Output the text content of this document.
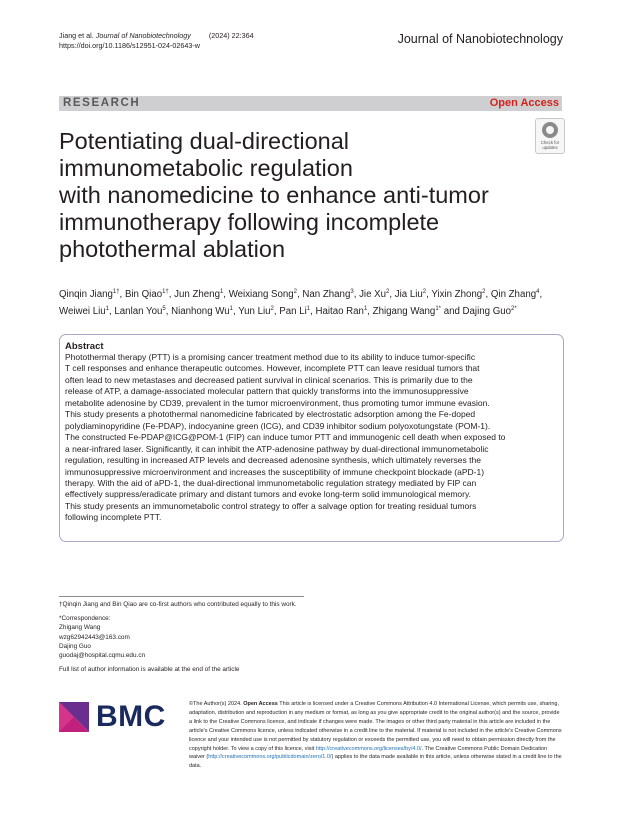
Jiang et al. Journal of Nanobiotechnology         (2024) 22:364
https://doi.org/10.1186/s12951-024-02643-w	Journal of Nanobiotechnology
RESEARCH	Open Access
Check for updates
Potentiating dual-directional
immunometabolic regulation
with nanomedicine to enhance anti-tumor
immunotherapy following incomplete
photothermal ablation
Qinqin Jiang$^{1\dagger}$, Bin Qiao$^{1\dagger}$, Jun Zheng$^1$, Weixiang Song$^2$, Nan Zhang$^3$, Jie Xu$^2$, Jia Liu$^2$, Yixin Zhong$^2$, Qin Zhang$^4$,
Weiwei Liu$^1$, Lanlan You$^5$, Nianhong Wu$^1$, Yun Liu$^2$, Pan Li$^1$, Haitao Ran$^1$, Zhigang Wang$^{1*}$ and Dajing Guo$^{2*}$
Abstract

Photothermal therapy (PTT) is a promising cancer treatment method due to its ability to induce tumor-specific

T cell responses and enhance therapeutic outcomes. However, incomplete PTT can leave residual tumors that

often lead to new metastases and decreased patient survival in clinical scenarios. This is primarily due to the

release of ATP, a damage-associated molecular pattern that quickly transforms into the immunosuppressive

metabolite adenosine by CD39, prevalent in the tumor microenvironment, thus promoting tumor immune evasion.

This study presents a photothermal nanomedicine fabricated by electrostatic adsorption among the Fe-doped

polydiaminopyridine (Fe-PDAP), indocyanine green (ICG), and CD39 inhibitor sodium polyoxotungstate (POM-1).

The constructed Fe-PDAP@ICG@POM-1 (FIP) can induce tumor PTT and immunogenic cell death when exposed to

a near-infrared laser. Significantly, it can inhibit the ATP-adenosine pathway by dual-directional immunometabolic

regulation, resulting in increased ATP levels and decreased adenosine synthesis, which ultimately reverses the

immunosuppressive microenvironment and increases the susceptibility of immune checkpoint blockade (aPD-1)

therapy. With the aid of aPD-1, the dual-directional immunometabolic regulation strategy mediated by FIP can

effectively suppress/eradicate primary and distant tumors and evoke long-term solid immunological memory.

This study presents an immunometabolic control strategy to offer a salvage option for treating residual tumors

following incomplete PTT.

†Qinqin Jiang and Bin Qiao are co-first authors who contributed equally to this work.

*Correspondence:

Zhigang Wang

wzg62942443@163.com

Dajing Guo

guodaj@hospital.cqmu.edu.cn

Full list of author information is available at the end of the article

BMC	©The Author(s) 2024. Open Access This article is licensed under a Creative Commons Attribution 4.0 International License, which permits use, sharing, adaptation, distribution and reproduction in any medium or format, as long as you give appropriate credit to the original author(s) and the source, provide a link to the Creative Commons licence, and indicate if changes were made. The images or other third party material in this article are included in the article's Creative Commons licence, unless indicated otherwise in a credit line to the material. If material is not included in the article's Creative Commons licence and your intended use is not permitted by statutory regulation or exceeds the permitted use, you will need to obtain permission directly from the copyright holder. To view a copy of this licence, visit http://creativecommons.org/licenses/by/4.0/. The Creative Commons Public Domain Dedication waiver (http://creativecommons.org/publicdomain/zero/1.0/) applies to the data made available in this article, unless otherwise stated in a credit line to the data.
